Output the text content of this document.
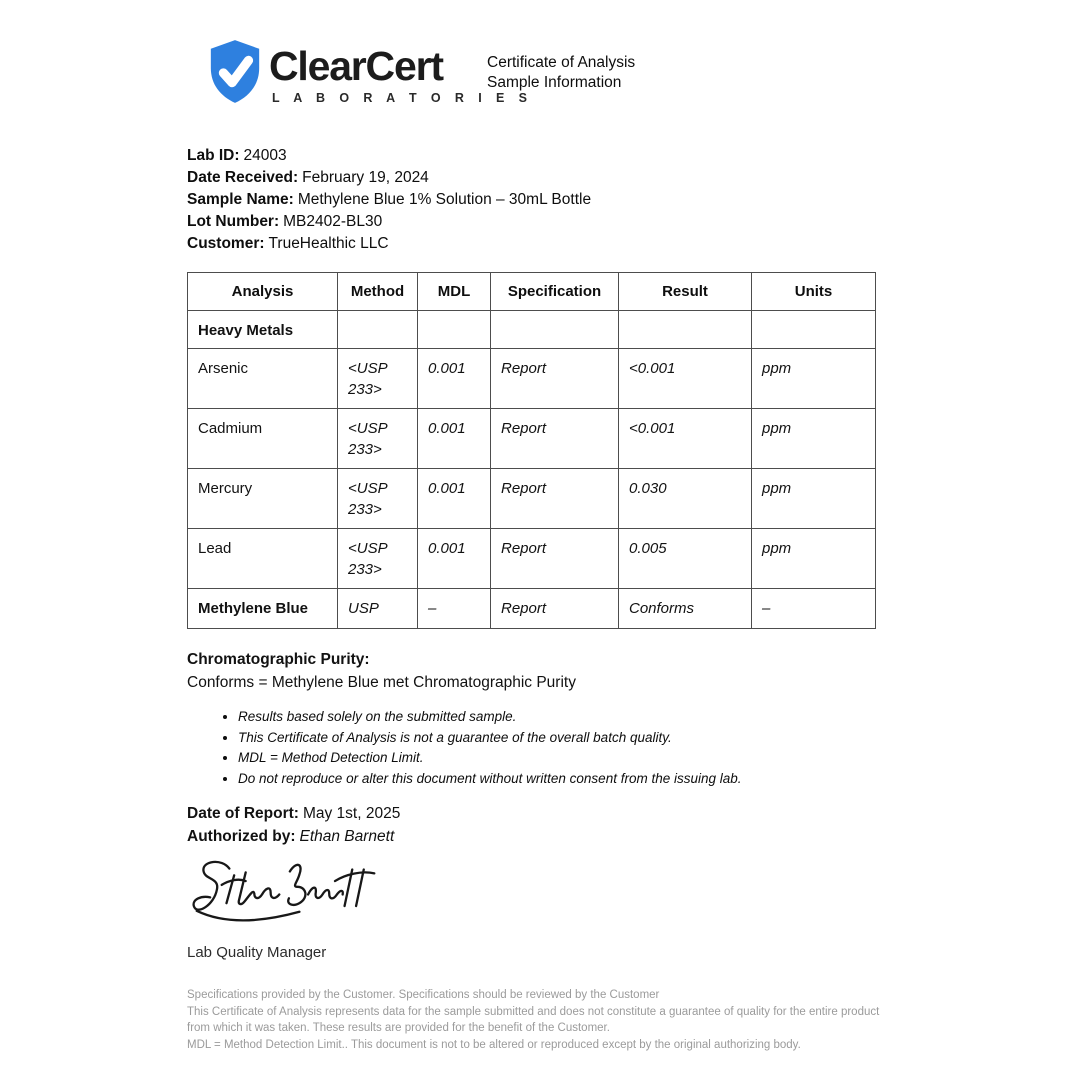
ClearCert
L A B O R A T O R I E S
Certificate of Analysis
Sample Information
Lab ID: 24003
Date Received: February 19, 2024
Sample Name: Methylene Blue 1% Solution – 30mL Bottle
Lot Number: MB2402-BL30
Customer: TrueHealthic LLC
Analysis	Method	MDL	Specification	Result	Units
Heavy Metals					
Arsenic	<USP 233>	0.001	Report	<0.001	ppm
Cadmium	<USP 233>	0.001	Report	<0.001	ppm
Mercury	<USP 233>	0.001	Report	0.030	ppm
Lead	<USP 233>	0.001	Report	0.005	ppm
Methylene Blue	USP	–	Report	Conforms	–
Chromatographic Purity:
Conforms = Methylene Blue met Chromatographic Purity
• Results based solely on the submitted sample.
• This Certificate of Analysis is not a guarantee of the overall batch quality.
• MDL = Method Detection Limit.
• Do not reproduce or alter this document without written consent from the issuing lab.
Date of Report: May 1st, 2025
Authorized by: Ethan Barnett
Lab Quality Manager

Specifications provided by the Customer. Specifications should be reviewed by the Customer

This Certificate of Analysis represents data for the sample submitted and does not constitute a guarantee of quality for the entire product from which it was taken. These results are provided for the benefit of the Customer.

MDL = Method Detection Limit.. This document is not to be altered or reproduced except by the original authorizing body.
